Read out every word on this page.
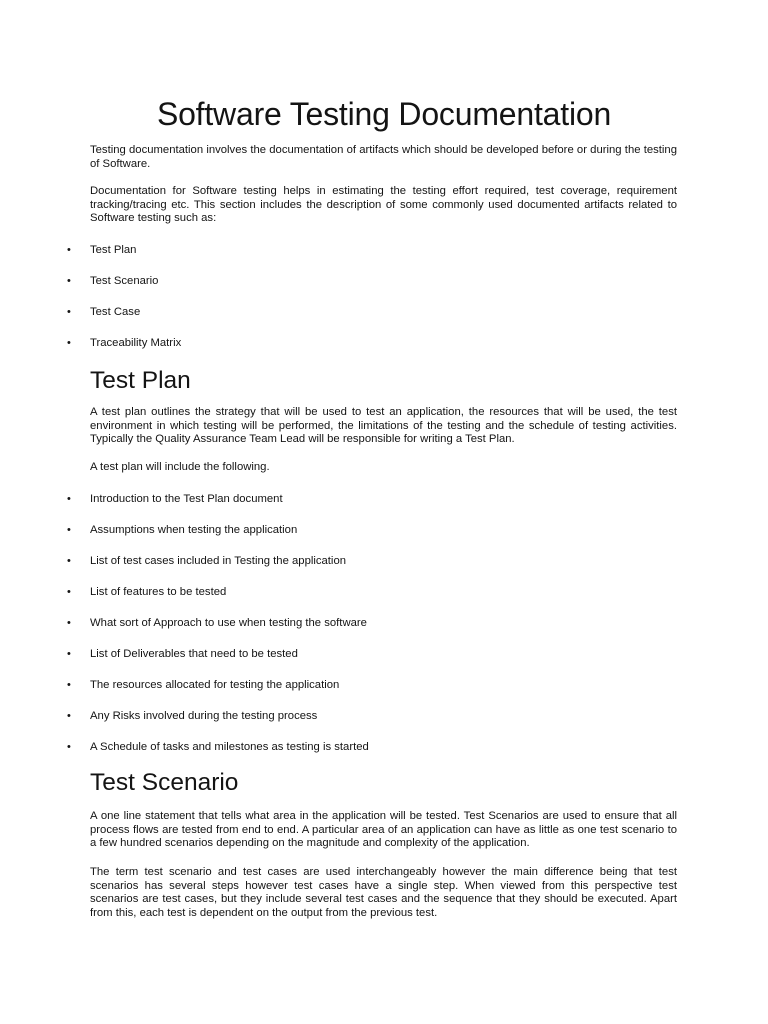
Software Testing Documentation

Testing documentation involves the documentation of artifacts which should be developed before or during the testing of Software.

Documentation for Software testing helps in estimating the testing effort required, test coverage, requirement tracking/tracing etc. This section includes the description of some commonly used documented artifacts related to Software testing such as:

• Test Plan
• Test Scenario
• Test Case
• Traceability Matrix
Test Plan

A test plan outlines the strategy that will be used to test an application, the resources that will be used, the test environment in which testing will be performed, the limitations of the testing and the schedule of testing activities. Typically the Quality Assurance Team Lead will be responsible for writing a Test Plan.

A test plan will include the following.

• Introduction to the Test Plan document
• Assumptions when testing the application
• List of test cases included in Testing the application
• List of features to be tested
• What sort of Approach to use when testing the software
• List of Deliverables that need to be tested
• The resources allocated for testing the application
• Any Risks involved during the testing process
• A Schedule of tasks and milestones as testing is started
Test Scenario

A one line statement that tells what area in the application will be tested. Test Scenarios are used to ensure that all process flows are tested from end to end. A particular area of an application can have as little as one test scenario to a few hundred scenarios depending on the magnitude and complexity of the application.

The term test scenario and test cases are used interchangeably however the main difference being that test scenarios has several steps however test cases have a single step. When viewed from this perspective test scenarios are test cases, but they include several test cases and the sequence that they should be executed. Apart from this, each test is dependent on the output from the previous test.
